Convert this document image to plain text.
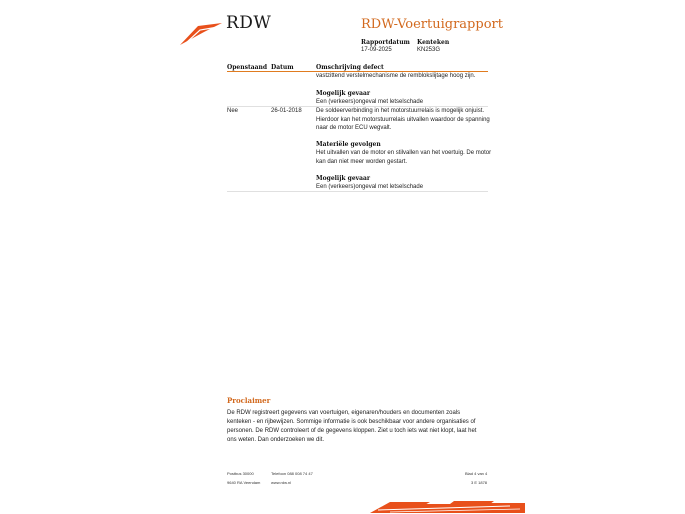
RDW	RDW-Voertuigrapport
Rapportdatum
17-09-2025
Kenteken
KN253G
Openstaand Datum	Omschrijving defect
vastzittend verstelmechanisme de remblokslijtage hoog zijn.
Mogelijk gevaar
Een (verkeers)ongeval met letselschade
Nee	26-01-2018 De soldeerverbinding in het motorstuurrelais is mogelijk onjuist.
Hierdoor kan het motorstuurrelais uitvallen waardoor de spanning
naar de motor ECU wegvalt.
Materiële gevolgen
Het uitvallen van de motor en stilvallen van het voertuig. De motor
kan dan niet meer worden gestart.
Mogelijk gevaar
Een (verkeers)ongeval met letselschade
Proclaimer
De RDW registreert gegevens van voertuigen, eigenaren/houders en documenten zoals kenteken - en rijbewijzen. Sommige informatie is ook beschikbaar voor andere organisaties of personen. De RDW controleert of de gegevens kloppen. Ziet u toch iets wat niet klopt, laat het ons weten. Dan onderzoeken we dit.
Postbus 30000
9640 RA Veendam
Telefoon 088 008 74 47
www.rdw.nl
Blad 4 van 4
3 E 1878
